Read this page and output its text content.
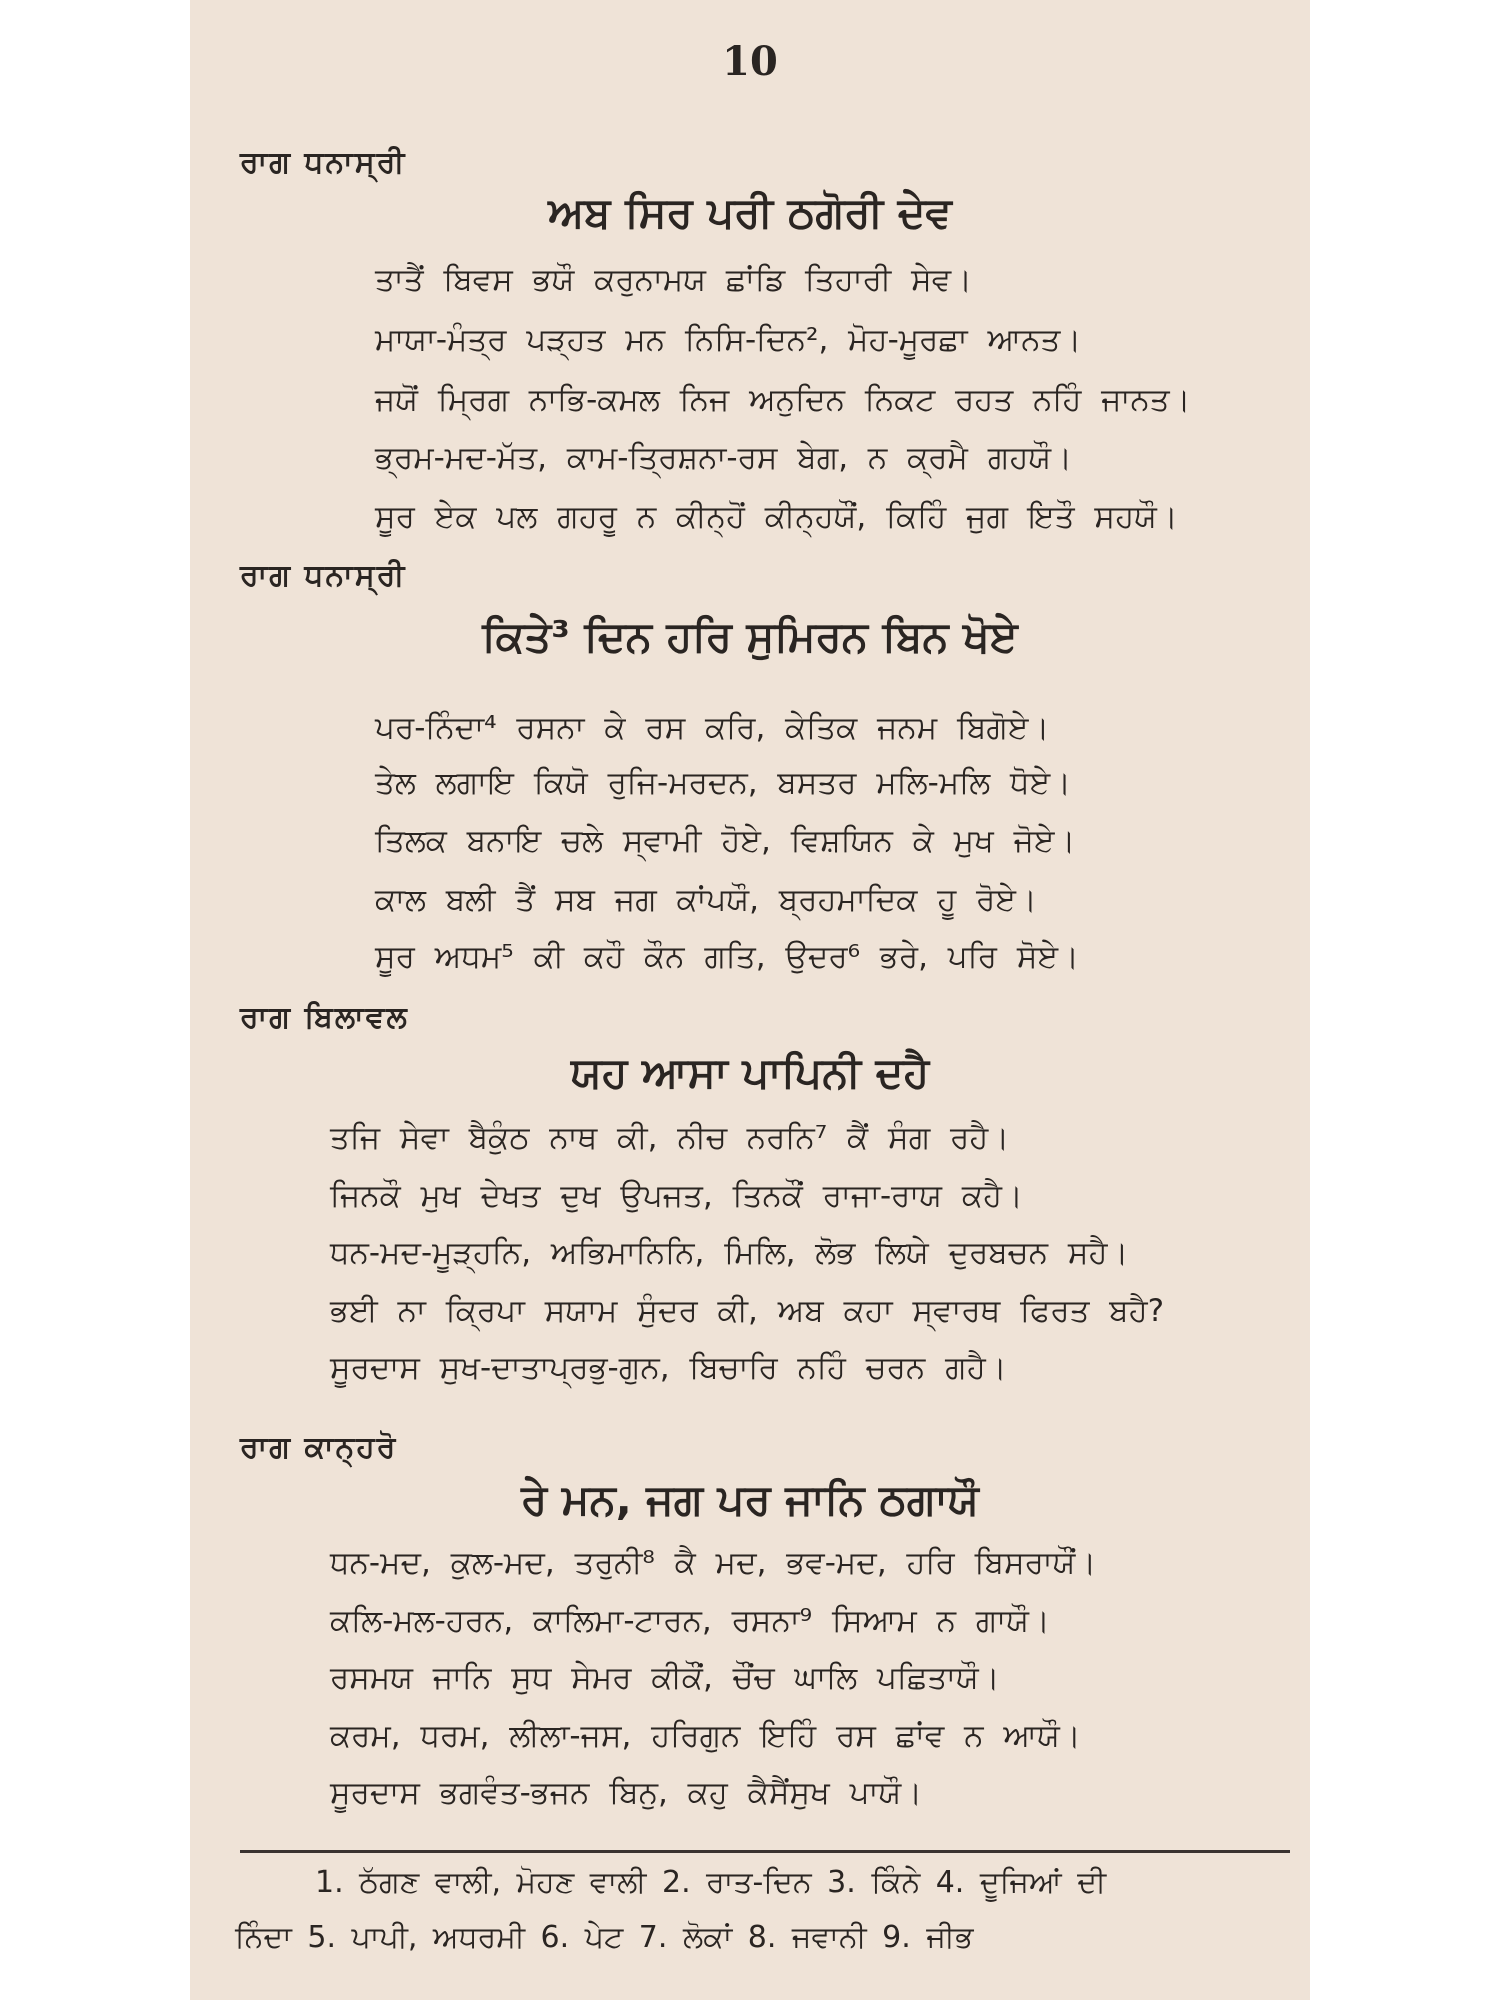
10
ਰਾਗ ਧਨਾਸ੍ਰੀ
ਅਬ ਸਿਰ ਪਰੀ ਠਗੋਰੀ ਦੇਵ
ਤਾਤੈਂ ਬਿਵਸ ਭਯੌ ਕਰੁਨਾਮਯ ਛਾਂਡਿ ਤਿਹਾਰੀ ਸੇਵ।
ਮਾਯਾ-ਮੰਤ੍ਰ ਪੜ੍ਹਤ ਮਨ ਨਿਸਿ-ਦਿਨ², ਮੋਹ-ਮੂਰਛਾ ਆਨਤ।
ਜਯੋਂ ਮ੍ਰਿਗ ਨਾਭਿ-ਕਮਲ ਨਿਜ ਅਨੁਦਿਨ ਨਿਕਟ ਰਹਤ ਨਹਿੰ ਜਾਨਤ।
ਭ੍ਰਮ-ਮਦ-ਮੱਤ, ਕਾਮ-ਤ੍ਰਿਸ਼ਨਾ-ਰਸ ਬੇਗ, ਨ ਕ੍ਰਮੈ ਗਹਯੌ।
ਸੂਰ ਏਕ ਪਲ ਗਹਰੂ ਨ ਕੀਨ੍ਹੋਂ ਕੀਨ੍ਹਯੌਂ, ਕਿਹਿੰ ਜੁਗ ਇਤੌ ਸਹਯੌ।
ਰਾਗ ਧਨਾਸ੍ਰੀ
ਕਿਤੇ³ ਦਿਨ ਹਰਿ ਸੁਮਿਰਨ ਬਿਨ ਖੋਏ
ਪਰ-ਨਿੰਦਾ⁴ ਰਸਨਾ ਕੇ ਰਸ ਕਰਿ, ਕੇਤਿਕ ਜਨਮ ਬਿਗੋਏ।
ਤੇਲ ਲਗਾਇ ਕਿਯੋ ਰੁਜਿ-ਮਰਦਨ, ਬਸਤਰ ਮਲਿ-ਮਲਿ ਧੋਏ।
ਤਿਲਕ ਬਨਾਇ ਚਲੇ ਸ੍ਵਾਮੀ ਹੋਏ, ਵਿਸ਼ਯਿਨ ਕੇ ਮੁਖ ਜੋਏ।
ਕਾਲ ਬਲੀ ਤੈਂ ਸਬ ਜਗ ਕਾਂਪਯੌ, ਬ੍ਰਹਮਾਦਿਕ ਹੂ ਰੋਏ।
ਸੂਰ ਅਧਮ⁵ ਕੀ ਕਹੌ ਕੌਨ ਗਤਿ, ਉਦਰ⁶ ਭਰੇ, ਪਰਿ ਸੋਏ।
ਰਾਗ ਬਿਲਾਵਲ
ਯਹ ਆਸਾ ਪਾਪਿਨੀ ਦਹੈ
ਤਜਿ ਸੇਵਾ ਬੈਕੁੰਠ ਨਾਥ ਕੀ, ਨੀਚ ਨਰਨਿ⁷ ਕੈਂ ਸੰਗ ਰਹੈ।
ਜਿਨਕੌ ਮੁਖ ਦੇਖਤ ਦੁਖ ਉਪਜਤ, ਤਿਨਕੌਂ ਰਾਜਾ-ਰਾਯ ਕਹੈ।
ਧਨ-ਮਦ-ਮੂੜ੍ਹਨਿ, ਅਭਿਮਾਨਿਨਿ, ਮਿਲਿ, ਲੋਭ ਲਿਯੇ ਦੁਰਬਚਨ ਸਹੈ।
ਭਈ ਨਾ ਕ੍ਰਿਪਾ ਸਯਾਮ ਸੁੰਦਰ ਕੀ, ਅਬ ਕਹਾ ਸ੍ਵਾਰਥ ਫਿਰਤ ਬਹੈ?
ਸੂਰਦਾਸ ਸੁਖ-ਦਾਤਾਪ੍ਰਭੁ-ਗੁਨ, ਬਿਚਾਰਿ ਨਹਿੰ ਚਰਨ ਗਹੈ।
ਰਾਗ ਕਾਨ੍ਹਰੋ
ਰੇ ਮਨ, ਜਗ ਪਰ ਜਾਨਿ ਠਗਾਯੌ
ਧਨ-ਮਦ, ਕੁਲ-ਮਦ, ਤਰੁਨੀ⁸ ਕੈ ਮਦ, ਭਵ-ਮਦ, ਹਰਿ ਬਿਸਰਾਯੌਂ।
ਕਲਿ-ਮਲ-ਹਰਨ, ਕਾਲਿਮਾ-ਟਾਰਨ, ਰਸਨਾ⁹ ਸਿਆਮ ਨ ਗਾਯੌ।
ਰਸਮਯ ਜਾਨਿ ਸੁਧ ਸੇਮਰ ਕੀਕੌਂ, ਚੌਂਚ ਘਾਲਿ ਪਛਿਤਾਯੌ।
ਕਰਮ, ਧਰਮ, ਲੀਲਾ-ਜਸ, ਹਰਿਗੁਨ ਇਹਿੰ ਰਸ ਛਾਂਵ ਨ ਆਯੌ।
ਸੂਰਦਾਸ ਭਗਵੰਤ-ਭਜਨ ਬਿਨੁ, ਕਹੁ ਕੈਸੈਂਸੁਖ ਪਾਯੌ।
1. ਠੱਗਣ ਵਾਲੀ, ਮੋਹਣ ਵਾਲੀ 2. ਰਾਤ-ਦਿਨ 3. ਕਿੰਨੇ 4. ਦੂਜਿਆਂ ਦੀ
ਨਿੰਦਾ 5. ਪਾਪੀ, ਅਧਰਮੀ 6. ਪੇਟ 7. ਲੋਕਾਂ 8. ਜਵਾਨੀ 9. ਜੀਭ
